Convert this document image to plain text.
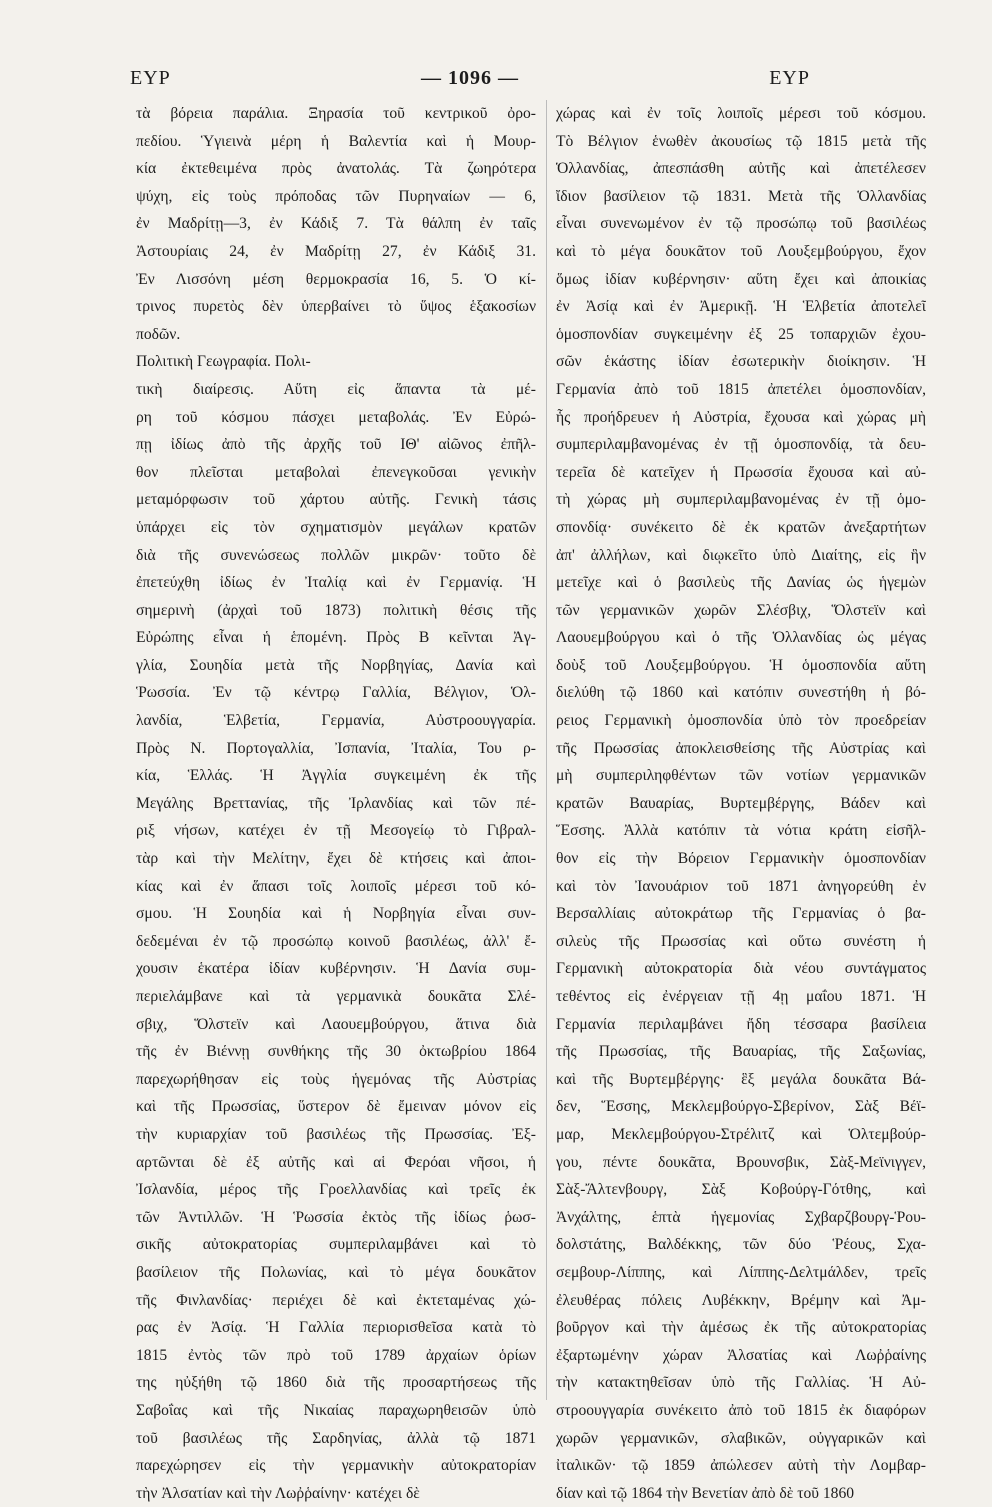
ΕΥΡ	— 1096 —	ΕΥΡ
τὰ βόρεια παράλια. Ξηρασία τοῦ κεντρικοῦ ὀρο-
πεδίου. Ὑγιεινὰ μέρη ἡ Βαλεντία καὶ ἡ Μουρ-
κία ἐκτεθειμένα πρὸς ἀνατολάς. Τὰ ζωηρότερα
ψύχη, εἰς τοὺς πρόποδας τῶν Πυρηναίων — 6,
ἐν Μαδρίτῃ—3, ἐν Κάδιξ 7. Τὰ θάλπη ἐν ταῖς
Ἀστουρίαις 24, ἐν Μαδρίτῃ 27, ἐν Κάδιξ 31.
Ἐν Λισσόνη μέση θερμοκρασία 16, 5. Ὁ κί-
τρινος πυρετὸς δὲν ὑπερβαίνει τὸ ὕψος ἑξακοσίων
ποδῶν.
Πολιτικὴ Γεωγραφία. Πολι-
τικὴ διαίρεσις. Αὕτη εἰς ἅπαντα τὰ μέ-
ρη τοῦ κόσμου πάσχει μεταβολάς. Ἐν Εὐρώ-
πῃ ἰδίως ἀπὸ τῆς ἀρχῆς τοῦ ΙΘ' αἰῶνος ἐπῆλ-
θον πλεῖσται μεταβολαὶ ἐπενεγκοῦσαι γενικὴν
μεταμόρφωσιν τοῦ χάρτου αὐτῆς. Γενικὴ τάσις
ὑπάρχει εἰς τὸν σχηματισμὸν μεγάλων κρατῶν
διὰ τῆς συνενώσεως πολλῶν μικρῶν· τοῦτο δὲ
ἐπετεύχθη ἰδίως ἐν Ἰταλίᾳ καὶ ἐν Γερμανίᾳ. Ἡ
σημερινὴ (ἀρχαὶ τοῦ 1873) πολιτικὴ θέσις τῆς
Εὐρώπης εἶναι ἡ ἑπομένη. Πρὸς Β κεῖνται Ἀγ-
γλία, Σουηδία μετὰ τῆς Νορβηγίας, Δανία καὶ
Ῥωσσία. Ἐν τῷ κέντρῳ Γαλλία, Βέλγιον, Ὁλ-
λανδία, Ἑλβετία, Γερμανία, Αὐστροουγγαρία.
Πρὸς Ν. Πορτογαλλία, Ἰσπανία, Ἰταλία, Του ρ-
κία, Ἑλλάς. Ἡ Ἀγγλία συγκειμένη ἐκ τῆς
Μεγάλης Βρεττανίας, τῆς Ἰρλανδίας καὶ τῶν πέ-
ριξ νήσων, κατέχει ἐν τῇ Μεσογείῳ τὸ Γιβραλ-
τὰρ καὶ τὴν Μελίτην, ἔχει δὲ κτήσεις καὶ ἀποι-
κίας καὶ ἐν ἅπασι τοῖς λοιποῖς μέρεσι τοῦ κό-
σμου. Ἡ Σουηδία καὶ ἡ Νορβηγία εἶναι συν-
δεδεμέναι ἐν τῷ προσώπῳ κοινοῦ βασιλέως, ἀλλ' ἔ-
χουσιν ἑκατέρα ἰδίαν κυβέρνησιν. Ἡ Δανία συμ-
περιελάμβανε καὶ τὰ γερμανικὰ δουκᾶτα Σλέ-
σβιχ, Ὅλστεϊν καὶ Λαουεμβούργου, ἅτινα διὰ
τῆς ἐν Βιέννῃ συνθήκης τῆς 30 ὀκτωβρίου 1864
παρεχωρήθησαν εἰς τοὺς ἡγεμόνας τῆς Αὐστρίας
καὶ τῆς Πρωσσίας, ὕστερον δὲ ἔμειναν μόνον εἰς
τὴν κυριαρχίαν τοῦ βασιλέως τῆς Πρωσσίας. Ἐξ-
αρτῶνται δὲ ἐξ αὐτῆς καὶ αἱ Φερόαι νῆσοι, ἡ
Ἰσλανδία, μέρος τῆς Γροελλανδίας καὶ τρεῖς ἐκ
τῶν Ἀντιλλῶν. Ἡ Ῥωσσία ἐκτὸς τῆς ἰδίως ῥωσ-
σικῆς αὐτοκρατορίας συμπεριλαμβάνει καὶ τὸ
βασίλειον τῆς Πολωνίας, καὶ τὸ μέγα δουκᾶτον
τῆς Φινλανδίας· περιέχει δὲ καὶ ἐκτεταμένας χώ-
ρας ἐν Ἀσίᾳ. Ἡ Γαλλία περιορισθεῖσα κατὰ τὸ
1815 ἐντὸς τῶν πρὸ τοῦ 1789 ἀρχαίων ὁρίων
της ηὐξήθη τῷ 1860 διὰ τῆς προσαρτήσεως τῆς
Σαβοΐας καὶ τῆς Νικαίας παραχωρηθεισῶν ὑπὸ
τοῦ βασιλέως τῆς Σαρδηνίας, ἀλλὰ τῷ 1871
παρεχώρησεν εἰς τὴν γερμανικὴν αὐτοκρατορίαν
τὴν Ἀλσατίαν καὶ τὴν Λωῤῥαίνην· κατέχει δὲ
χώρας καὶ ἐν τοῖς λοιποῖς μέρεσι τοῦ κόσμου.
Τὸ Βέλγιον ἑνωθὲν ἀκουσίως τῷ 1815 μετὰ τῆς
Ὁλλανδίας, ἀπεσπάσθη αὐτῆς καὶ ἀπετέλεσεν
ἴδιον βασίλειον τῷ 1831. Μετὰ τῆς Ὁλλανδίας
εἶναι συνενωμένον ἐν τῷ προσώπῳ τοῦ βασιλέως
καὶ τὸ μέγα δουκᾶτον τοῦ Λουξεμβούργου, ἔχον
ὅμως ἰδίαν κυβέρνησιν· αὕτη ἔχει καὶ ἀποικίας
ἐν Ἀσίᾳ καὶ ἐν Ἀμερικῇ. Ἡ Ἑλβετία ἀποτελεῖ
ὁμοσπονδίαν συγκειμένην ἐξ 25 τοπαρχιῶν ἐχου-
σῶν ἑκάστης ἰδίαν ἐσωτερικὴν διοίκησιν. Ἡ
Γερμανία ἀπὸ τοῦ 1815 ἀπετέλει ὁμοσπονδίαν,
ἧς προήδρευεν ἡ Αὐστρία, ἔχουσα καὶ χώρας μὴ
συμπεριλαμβανομένας ἐν τῇ ὁμοσπονδίᾳ, τὰ δευ-
τερεῖα δὲ κατεῖχεν ἡ Πρωσσία ἔχουσα καὶ αὐ-
τὴ χώρας μὴ συμπεριλαμβανομένας ἐν τῇ ὁμο-
σπονδίᾳ· συνέκειτο δὲ ἐκ κρατῶν ἀνεξαρτήτων
ἀπ' ἀλλήλων, καὶ διῳκεῖτο ὑπὸ Διαίτης, εἰς ἣν
μετεῖχε καὶ ὁ βασιλεὺς τῆς Δανίας ὡς ἡγεμὼν
τῶν γερμανικῶν χωρῶν Σλέσβιχ, Ὅλστεϊν καὶ
Λαουεμβούργου καὶ ὁ τῆς Ὁλλανδίας ὡς μέγας
δοὺξ τοῦ Λουξεμβούργου. Ἡ ὁμοσπονδία αὕτη
διελύθη τῷ 1860 καὶ κατόπιν συνεστήθη ἡ βό-
ρειος Γερμανικὴ ὁμοσπονδία ὑπὸ τὸν προεδρείαν
τῆς Πρωσσίας ἀποκλεισθείσης τῆς Αὐστρίας καὶ
μὴ συμπεριληφθέντων τῶν νοτίων γερμανικῶν
κρατῶν Βαυαρίας, Βυρτεμβέργης, Βάδεν καὶ
Ἕσσης. Ἀλλὰ κατόπιν τὰ νότια κράτη εἰσῆλ-
θον εἰς τὴν Βόρειον Γερμανικὴν ὁμοσπονδίαν
καὶ τὸν Ἰανουάριον τοῦ 1871 ἀνηγορεύθη ἐν
Βερσαλλίαις αὐτοκράτωρ τῆς Γερμανίας ὁ βα-
σιλεὺς τῆς Πρωσσίας καὶ οὕτω συνέστη ἡ
Γερμανικὴ αὐτοκρατορία διὰ νέου συντάγματος
τεθέντος εἰς ἐνέργειαν τῇ 4ῃ μαΐου 1871. Ἡ
Γερμανία περιλαμβάνει ἤδη τέσσαρα βασίλεια
τῆς Πρωσσίας, τῆς Βαυαρίας, τῆς Σαξωνίας,
καὶ τῆς Βυρτεμβέργης· ἓξ μεγάλα δουκᾶτα Βά-
δεν, Ἕσσης, Μεκλεμβούργο-Σβερίνον, Σὰξ Βέϊ-
μαρ, Μεκλεμβούργου-Στρέλιτζ καὶ Ὁλτεμβούρ-
γου, πέντε δουκᾶτα, Βρουνσβικ, Σὰξ-Μεϊνιγγεν,
Σὰξ-Ἄλτενβουργ, Σὰξ Κοβούργ-Γότθης, καὶ
Ἀνχάλτης, ἑπτὰ ἡγεμονίας Σχβαρζβουργ-Ῥου-
δολστάτης, Βαλδέκκης, τῶν δύο Ῥέους, Σχα-
σεμβουρ-Λίππης, καὶ Λίππης-Δελτμάλδεν, τρεῖς
ἐλευθέρας πόλεις Λυβέκκην, Βρέμην καὶ Ἀμ-
βοῦργον καὶ τὴν ἀμέσως ἐκ τῆς αὐτοκρατορίας
ἐξαρτωμένην χώραν Ἀλσατίας καὶ Λωῤῥαίνης
τὴν κατακτηθεῖσαν ὑπὸ τῆς Γαλλίας. Ἡ Αὐ-
στροουγγαρία συνέκειτο ἀπὸ τοῦ 1815 ἐκ διαφόρων
χωρῶν γερμανικῶν, σλαβικῶν, οὐγγαρικῶν καὶ
ἰταλικῶν· τῷ 1859 ἀπώλεσεν αὐτὴ τὴν Λομβαρ-
δίαν καὶ τῷ 1864 τὴν Βενετίαν ἀπὸ δὲ τοῦ 1860
